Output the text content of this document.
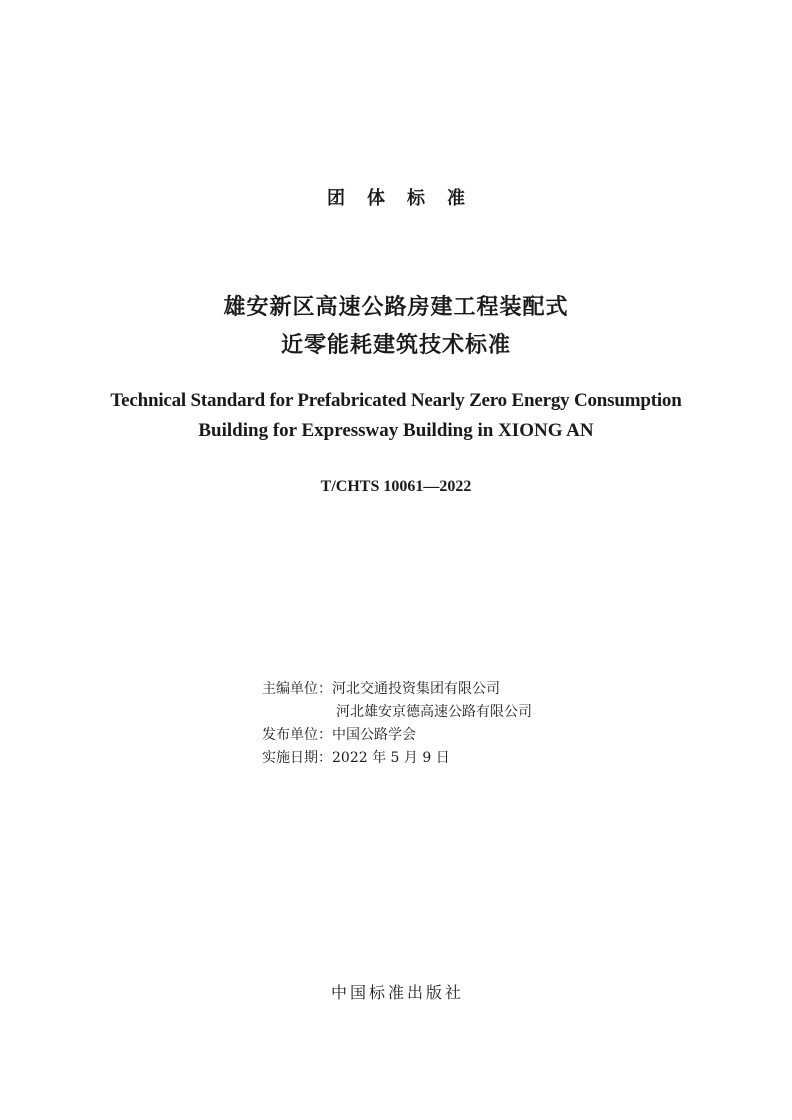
团体标准
雄安新区高速公路房建工程装配式
近零能耗建筑技术标准
Technical Standard for Prefabricated Nearly Zero Energy Consumption
Building for Expressway Building in XIONG AN
T/CHTS 10061—2022
主编单位：河北交通投资集团有限公司
河北雄安京德高速公路有限公司
发布单位：中国公路学会
实施日期：2022 年 5 月 9 日
中国标准出版社
